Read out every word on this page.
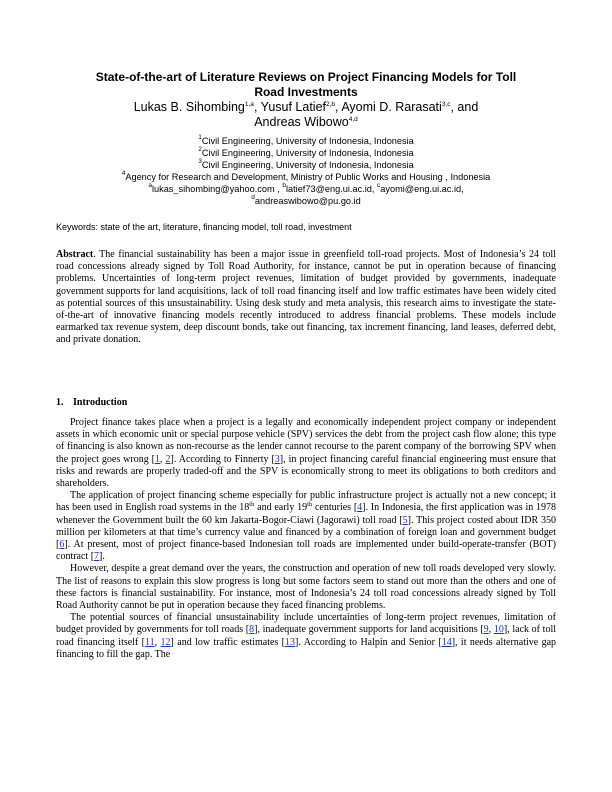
State-of-the-art of Literature Reviews on Project Financing Models for Toll
Road Investments
Lukas B. Sihombing$^{1,a}$, Yusuf Latief$^{2,b}$, Ayomi D. Rarasati$^{3,c}$, and
Andreas Wibowo$^{4,d}$
$^1$Civil Engineering, University of Indonesia, Indonesia
$^2$Civil Engineering, University of Indonesia, Indonesia
$^3$Civil Engineering, University of Indonesia, Indonesia
$^4$Agency for Research and Development, Ministry of Public Works and Housing , Indonesia
$^a$lukas_sihombing@yahoo.com , $^b$latief73@eng.ui.ac.id, $^c$ayomi@eng.ui.ac.id,
$^d$andreaswibowo@pu.go.id
Keywords: state of the art, literature, financing model, toll road, investment
Abstract. The financial sustainability has been a major issue in greenfield toll-road projects. Most of Indonesia’s 24 toll road concessions already signed by Toll Road Authority, for instance, cannot be put in operation because of financing problems. Uncertainties of long-term project revenues, limitation of budget provided by governments, inadequate government supports for land acquisitions, lack of toll road financing itself and low traffic estimates have been widely cited as potential sources of this unsustainability. Using desk study and meta analysis, this research aims to investigate the state-of-the-art of innovative financing models recently introduced to address financial problems. These models include earmarked tax revenue system, deep discount bonds, take out financing, tax increment financing, land leases, deferred debt, and private donation.
1. Introduction

Project finance takes place when a project is a legally and economically independent project company or independent assets in which economic unit or special purpose vehicle (SPV) services the debt from the project cash flow alone; this type of financing is also known as non-recourse as the lender cannot recourse to the parent company of the borrowing SPV when the project goes wrong [1, 2]. According to Finnerty [3], in project financing careful financial engineering must ensure that risks and rewards are properly traded-off and the SPV is economically strong to meet its obligations to both creditors and shareholders.

The application of project financing scheme especially for public infrastructure project is actually not a new concept; it has been used in English road systems in the 18th and early 19th centuries [4]. In Indonesia, the first application was in 1978 whenever the Government built the 60 km Jakarta-Bogor-Ciawi (Jagorawi) toll road [5]. This project costed about IDR 350 million per kilometers at that time’s currency value and financed by a combination of foreign loan and government budget [6]. At present, most of project finance-based Indonesian toll roads are implemented under build-operate-transfer (BOT) contract [7].

However, despite a great demand over the years, the construction and operation of new toll roads developed very slowly. The list of reasons to explain this slow progress is long but some factors seem to stand out more than the others and one of these factors is financial sustainability. For instance, most of Indonesia’s 24 toll road concessions already signed by Toll Road Authority cannot be put in operation because they faced financing problems.

The potential sources of financial unsustainability include uncertainties of long-term project revenues, limitation of budget provided by governments for toll roads [8], inadequate government supports for land acquisitions [9, 10], lack of toll road financing itself [11, 12] and low traffic estimates [13]. According to Halpin and Senior [14], it needs alternative gap financing to fill the gap. The
